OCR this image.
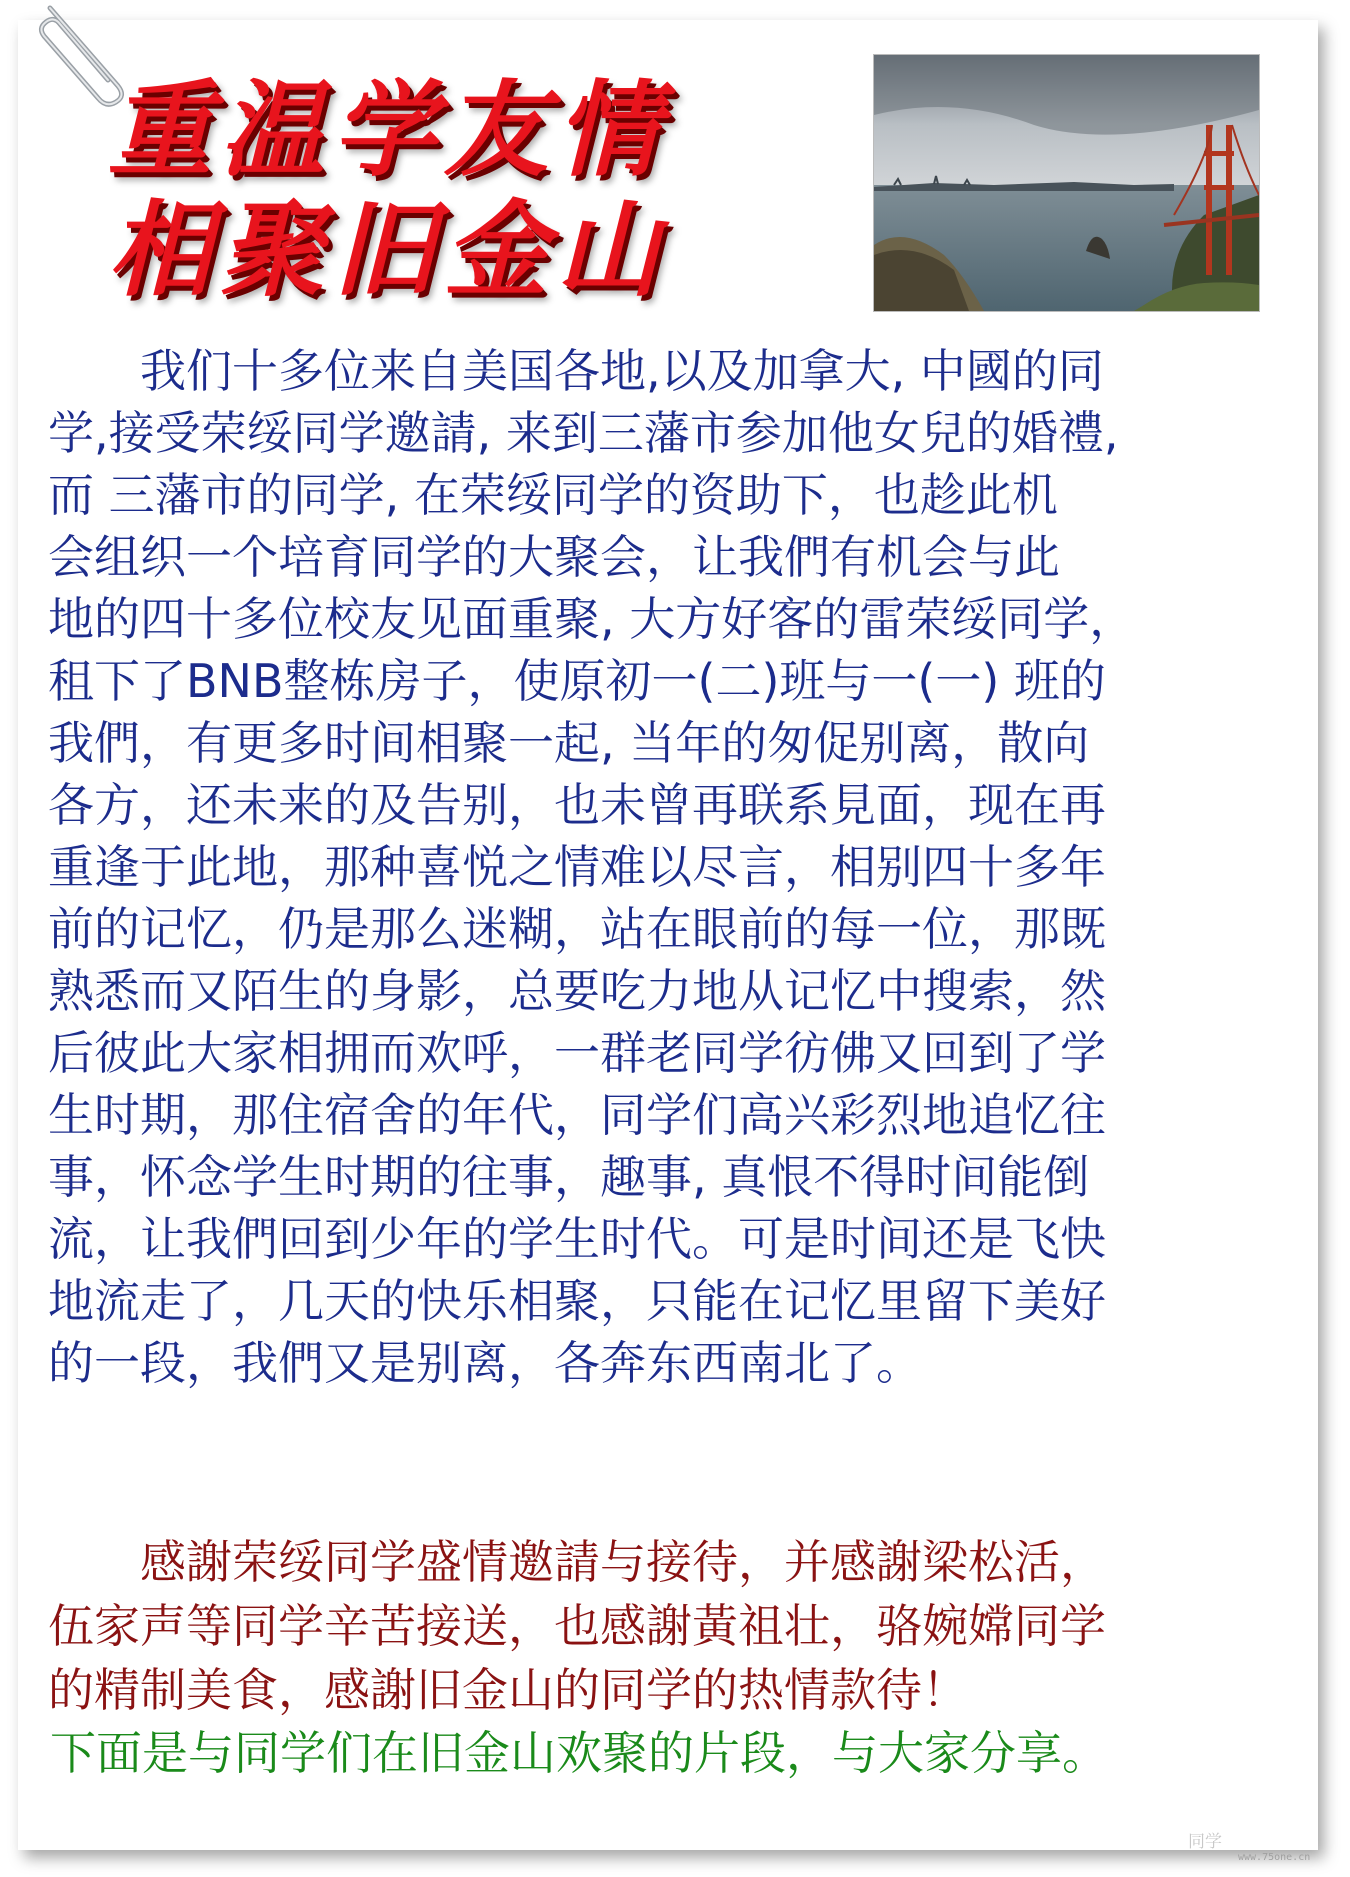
重温学友情
相聚旧金山
　　我们十多位来自美国各地,以及加拿大, 中國的同
学,接受荣绥同学邀請, 来到三藩市参加他女兒的婚禮,
而 三藩市的同学, 在荣绥同学的资助下，也趁此机
会组织一个培育同学的大聚会，让我們有机会与此
地的四十多位校友见面重聚, 大方好客的雷荣绥同学，
租下了BNB整栋房子，使原初一(二)班与一(一) 班的
我們，有更多时间相聚一起, 当年的匆促别离，散向
各方，还未来的及告别，也未曾再联系見面，现在再
重逢于此地，那种喜悦之情难以尽言，相别四十多年
前的记忆，仍是那么迷糊，站在眼前的每一位，那既
熟悉而又陌生的身影，总要吃力地从记忆中搜索，然
后彼此大家相拥而欢呼，一群老同学彷佛又回到了学
生时期，那住宿舍的年代，同学们高兴彩烈地追忆往
事，怀念学生时期的往事，趣事, 真恨不得时间能倒
流，让我們回到少年的学生时代。可是时间还是飞快
地流走了，几天的快乐相聚，只能在记忆里留下美好
的一段，我們又是别离，各奔东西南北了。
　　感謝荣绥同学盛情邀請与接待，并感謝梁松活，
伍家声等同学辛苦接送，也感謝黃祖壮，骆婉嫦同学
的精制美食，感謝旧金山的同学的热情款待！
下面是与同学们在旧金山欢聚的片段，与大家分享。
同学
www.75one.cn
